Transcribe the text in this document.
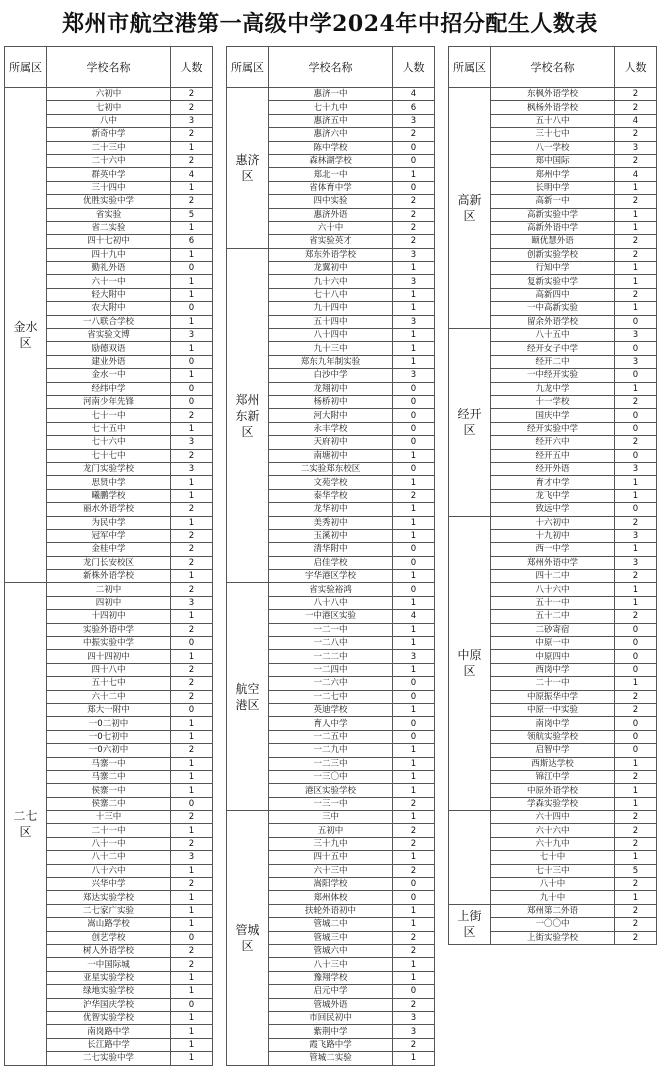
郑州市航空港第一高级中学2024年中招分配生人数表
所属区	学校名称	人数
金水区	六初中	2
	七初中	2
	八中	3
	新奇中学	2
	二十三中	1
	二十六中	2
	群英中学	4
	三十四中	1
	优胜实验中学	2
	省实验	5
	省二实验	1
	四十七初中	6
	四十九中	1
	勤礼外语	0
	六十一中	1
	轻大附中	1
	农大附中	0
	一八联合学校	1
	省实验文博	3
	励德双语	1
	建业外语	0
	金水一中	1
	经纬中学	0
	河南少年先锋	0
	七十一中	2
	七十五中	1
	七十六中	3
	七十七中	2
	龙门实验学校	3
	思贤中学	1
	曦鹏学校	1
	丽水外语学校	2
	为民中学	1
	冠军中学	2
	金桂中学	2
	龙门长安校区	2
	新株外语学校	1
二七区	二初中	2
	四初中	3
	十四初中	1
	实验外语中学	2
	中振实验中学	0
	四十四初中	1
	四十八中	2
	五十七中	2
	六十二中	2
	郑大一附中	0
	一0二初中	1
	一0七初中	1
	一0六初中	2
	马寨一中	1
	马寨二中	1
	侯寨一中	1
	侯寨二中	0
	十三中	2
	二十一中	1
	八十一中	2
	八十二中	3
	八十六中	1
	兴华中学	2
	郑达实验学校	1
	二七家广实验	1
	嵩山路学校	1
	创艺学校	0
	树人外语学校	2
	一中国际城	2
	亚星实验学校	1
	绿地实验学校	1
	沪华国庆学校	0
	优智实验学校	1
	南岗路中学	1
	长江路中学	1
	二七实验中学	1
所属区	学校名称	人数
惠济区	惠济一中	4
	七十九中	6
	惠济五中	3
	惠济六中	2
	陈中学校	0
	森林湖学校	0
	郑北一中	1
	省体育中学	0
	四中实验	2
	惠济外语	2
	六十中	2
	省实验英才	2
郑州东新区	郑东外语学校	3
	龙翼初中	1
	九十六中	3
	七十八中	1
	九十四中	1
	五十四中	3
	八十四中	1
	九十三中	1
	郑东九年制实验	1
	白沙中学	3
	龙翔初中	0
	杨桥初中	0
	河大附中	0
	永丰学校	0
	天府初中	0
	南塘初中	1
	二实验郑东校区	0
	文苑学校	1
	泰华学校	2
	龙华初中	1
	美秀初中	1
	玉溪初中	1
	清华附中	0
	启佳学校	0
	宇华港区学校	1
航空港区	省实验裕鸿	0
	八十八中	1
	一中港区实验	4
	一二一中	1
	一二八中	1
	一二二中	3
	一二四中	1
	一二六中	0
	一二七中	0
	英迪学校	1
	育人中学	0
	一二五中	0
	一二九中	1
	一二三中	1
	一三〇中	1
	港区实验学校	1
	一三一中	2
管城区	三中	1
	五初中	2
	三十九中	2
	四十五中	1
	六十三中	2
	嵩阳学校	0
	郑州体校	0
	扶轮外语初中	1
	管城二中	1
	管城三中	2
	管城六中	2
	八十三中	1
	豫翔学校	1
	启元中学	0
	管城外语	2
	市回民初中	3
	紫荆中学	3
	霞飞路中学	2
	管城二实验	1
所属区	学校名称	人数
高新区	东枫外语学校	2
	枫杨外语学校	2
	五十八中	4
	三十七中	2
	八一学校	3
	郑中国际	2
	郑州中学	4
	长明中学	1
	高新一中	2
	高新实验中学	1
	高新外语中学	1
	颐优慧外语	2
	创新实验学校	2
	行知中学	1
	复新实验中学	1
	高新四中	2
	一中高新实验	1
	留余外语学校	0
经开区	八十五中	3
	经开女子中学	0
	经开二中	3
	一中经开实验	0
	九龙中学	1
	十一学校	2
	国庆中学	0
	经开实验中学	0
	经开六中	2
	经开五中	0
	经开外语	3
	育才中学	1
	龙飞中学	1
	致远中学	0
中原区	十六初中	2
	十九初中	3
	西一中学	1
	郑州外语中学	3
	四十二中	2
	八十六中	1
	五十一中	1
	五十二中	2
	二砂寄宿	0
	中原一中	0
	中原四中	0
	西岗中学	0
	二十一中	1
	中原振华中学	2
	中原一中实验	2
	南岗中学	0
	领航实验学校	0
	启智中学	0
	西斯达学校	1
	锦江中学	2
	中原外语学校	1
	学森实验学校	1
	六十四中	2
	六十六中	2
	六十九中	2
	七十中	1
	七十三中	5
	八十中	2
	九十中	1
上街区	郑州第二外语	2
	一〇〇中	2
	上街实验学校	2
